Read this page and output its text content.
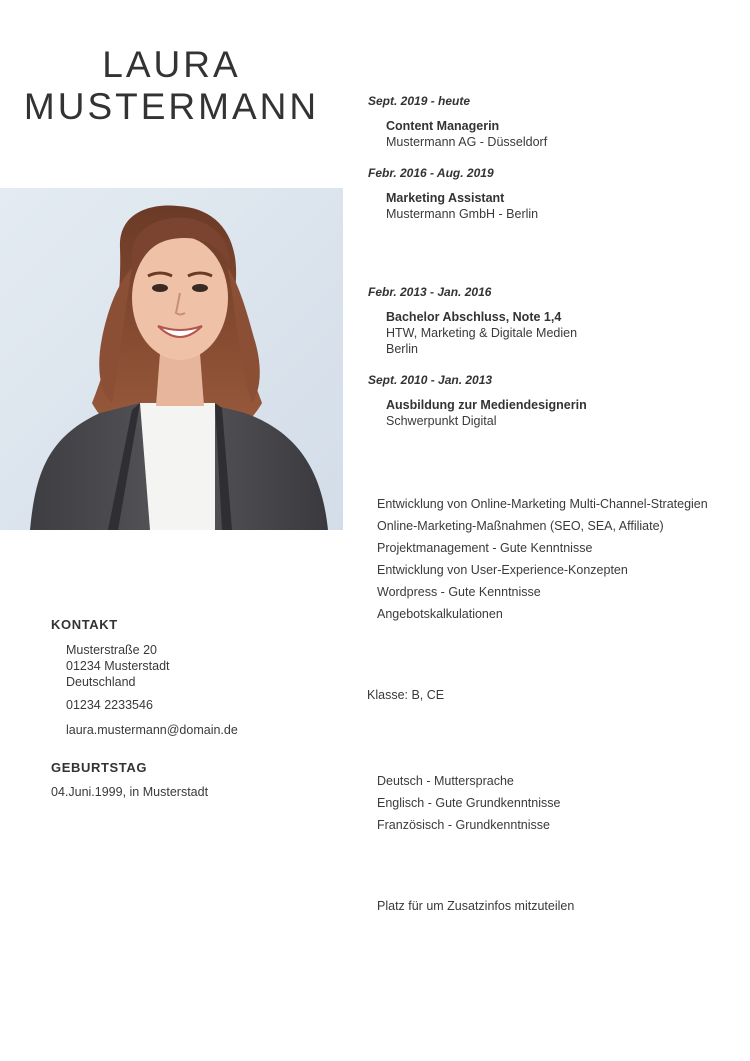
LAURA
MUSTERMANN	Sept. 2019 - heute
Content Managerin
Mustermann AG - Düsseldorf
Febr. 2016 - Aug. 2019
Marketing Assistant
Mustermann GmbH - Berlin
Febr. 2013 - Jan. 2016
Bachelor Abschluss, Note 1,4
HTW, Marketing & Digitale Medien
Berlin
Sept. 2010 - Jan. 2013
Ausbildung zur Mediendesignerin
Schwerpunkt Digital
Entwicklung von Online-Marketing Multi-Channel-Strategien
Online-Marketing-Maßnahmen (SEO, SEA, Affiliate)
Projektmanagement - Gute Kenntnisse
Entwicklung von User-Experience-Konzepten
Wordpress - Gute Kenntnisse
Angebotskalkulationen
Klasse: B, CE
Deutsch - Muttersprache
Englisch - Gute Grundkenntnisse
Französisch - Grundkenntnisse
Platz für um Zusatzinfos mitzuteilen
KONTAKT
Musterstraße 20
01234 Musterstadt
Deutschland
01234 2233546
laura.mustermann@domain.de
GEBURTSTAG
04.Juni.1999, in Musterstadt
